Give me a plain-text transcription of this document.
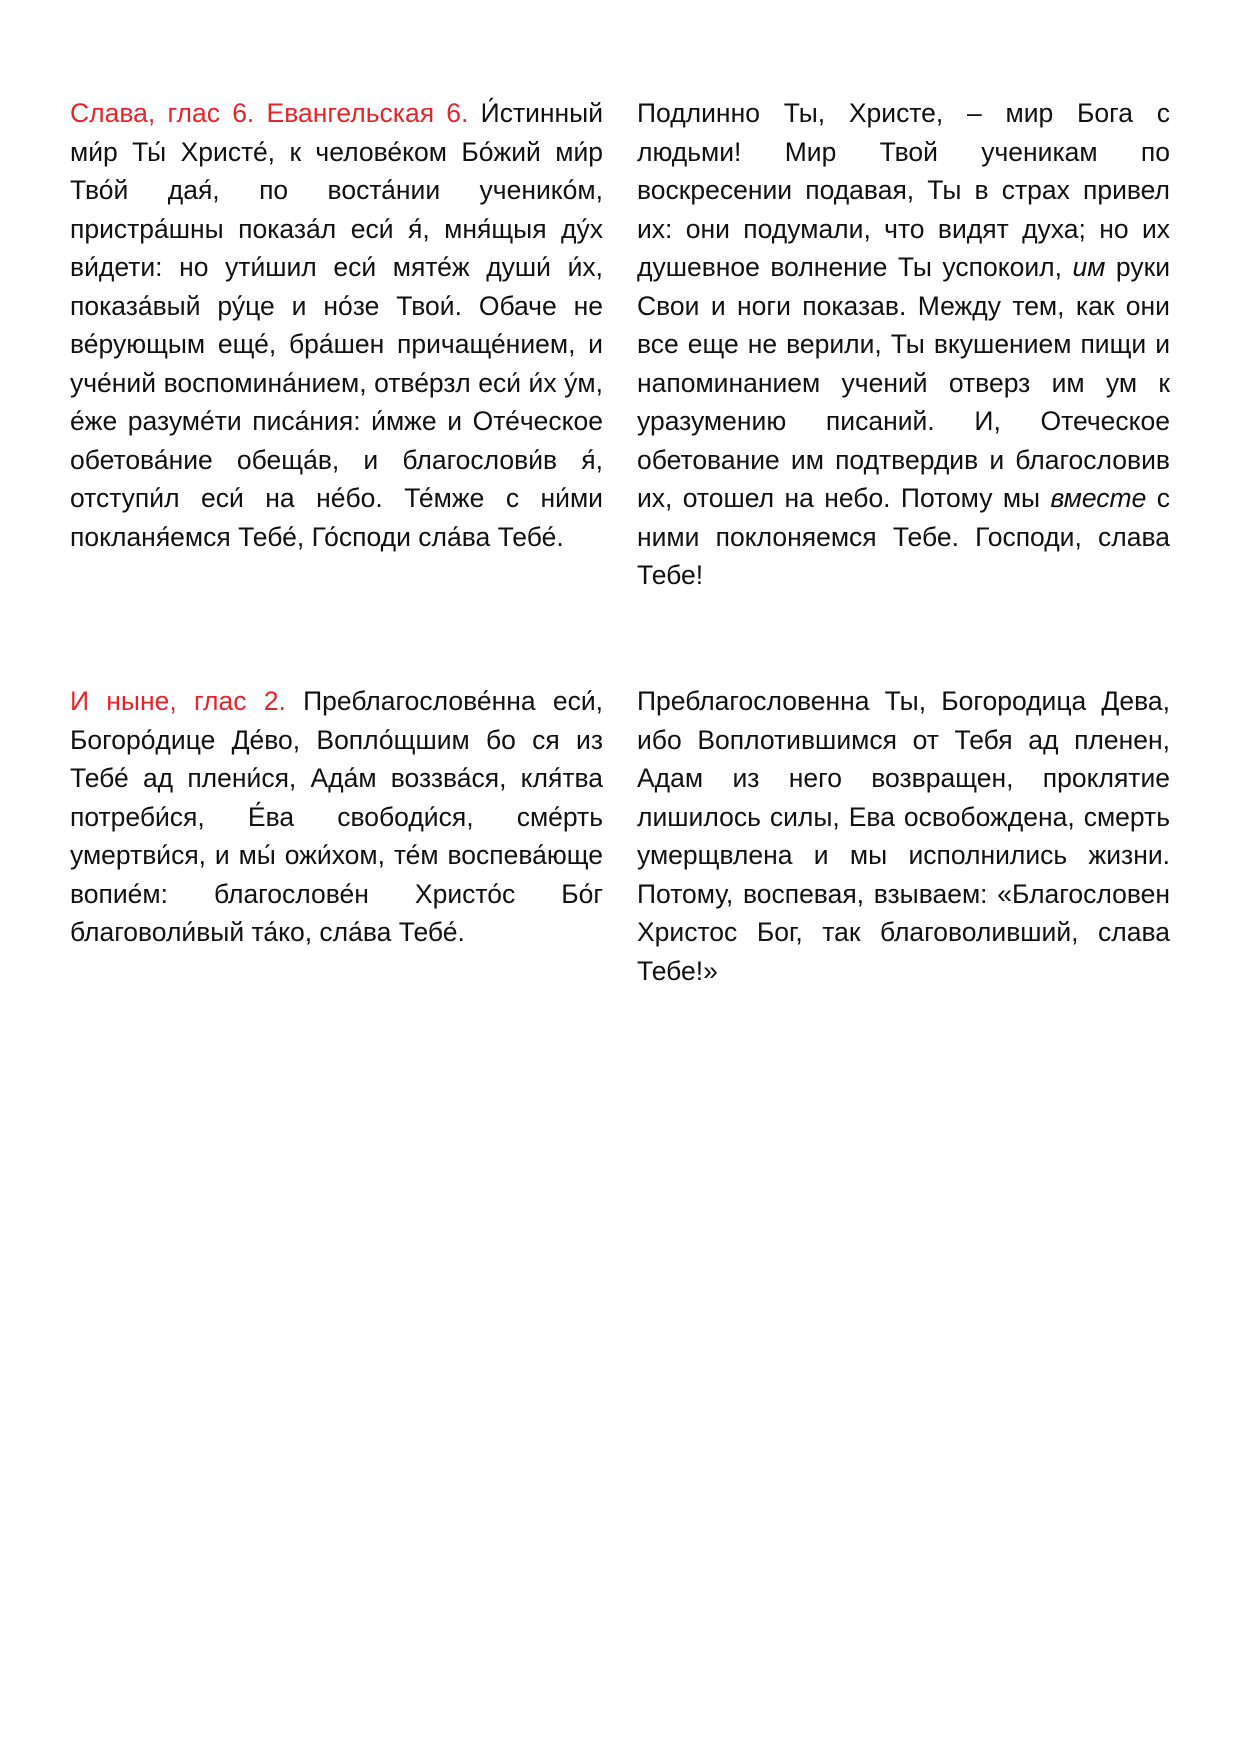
Слава, глас 6. Евангельская 6. И́стинный ми́р Ты́ Христе́, к челове́ком Бо́жий ми́р Тво́й дая́, по воста́нии ученико́м, пристра́шны показа́л еси́ я́, мня́щыя ду́х ви́дети: но ути́шил еси́ мяте́ж души́ и́х, показа́вый ру́це и но́зе Твои́. Обаче не ве́рующым еще́, бра́шен причаще́нием, и уче́ний воспомина́нием, отве́рзл еси́ и́х у́м, е́же разуме́ти писа́ния: и́мже и Оте́ческое обетова́ние обеща́в, и благослови́в я́, отступи́л еси́ на не́бо. Те́мже с ни́ми покланя́емся Тебе́, Го́споди сла́ва Тебе́.
Подлинно Ты, Христе, – мир Бога с людьми! Мир Твой ученикам по воскресении подавая, Ты в страх привел их: они подумали, что видят духа; но их душевное волнение Ты успокоил, им руки Свои и ноги показав. Между тем, как они все еще не верили, Ты вкушением пищи и напоминанием учений отверз им ум к уразумению писаний. И, Отеческое обетование им подтвердив и благословив их, отошел на небо. Потому мы вместе с ними поклоняемся Тебе. Господи, слава Тебе!
И ныне, глас 2. Преблагослове́нна еси́, Богоро́дице Де́во, Вопло́щшим бо ся из Тебе́ ад плени́ся, Ада́м воззва́ся, кля́тва потреби́ся, Е́ва свободи́ся, сме́рть умертви́ся, и мы́ ожи́хом, те́м воспева́юще вопие́м: благослове́н Христо́с Бо́г благоволи́вый та́ко, сла́ва Тебе́.
Преблагословенна Ты, Богородица Дева, ибо Воплотившимся от Тебя ад пленен, Адам из него возвращен, проклятие лишилось силы, Ева освобождена, смерть умерщвлена и мы исполнились жизни. Потому, воспевая, взываем: «Благословен Христос Бог, так благоволивший, слава Тебе!»
